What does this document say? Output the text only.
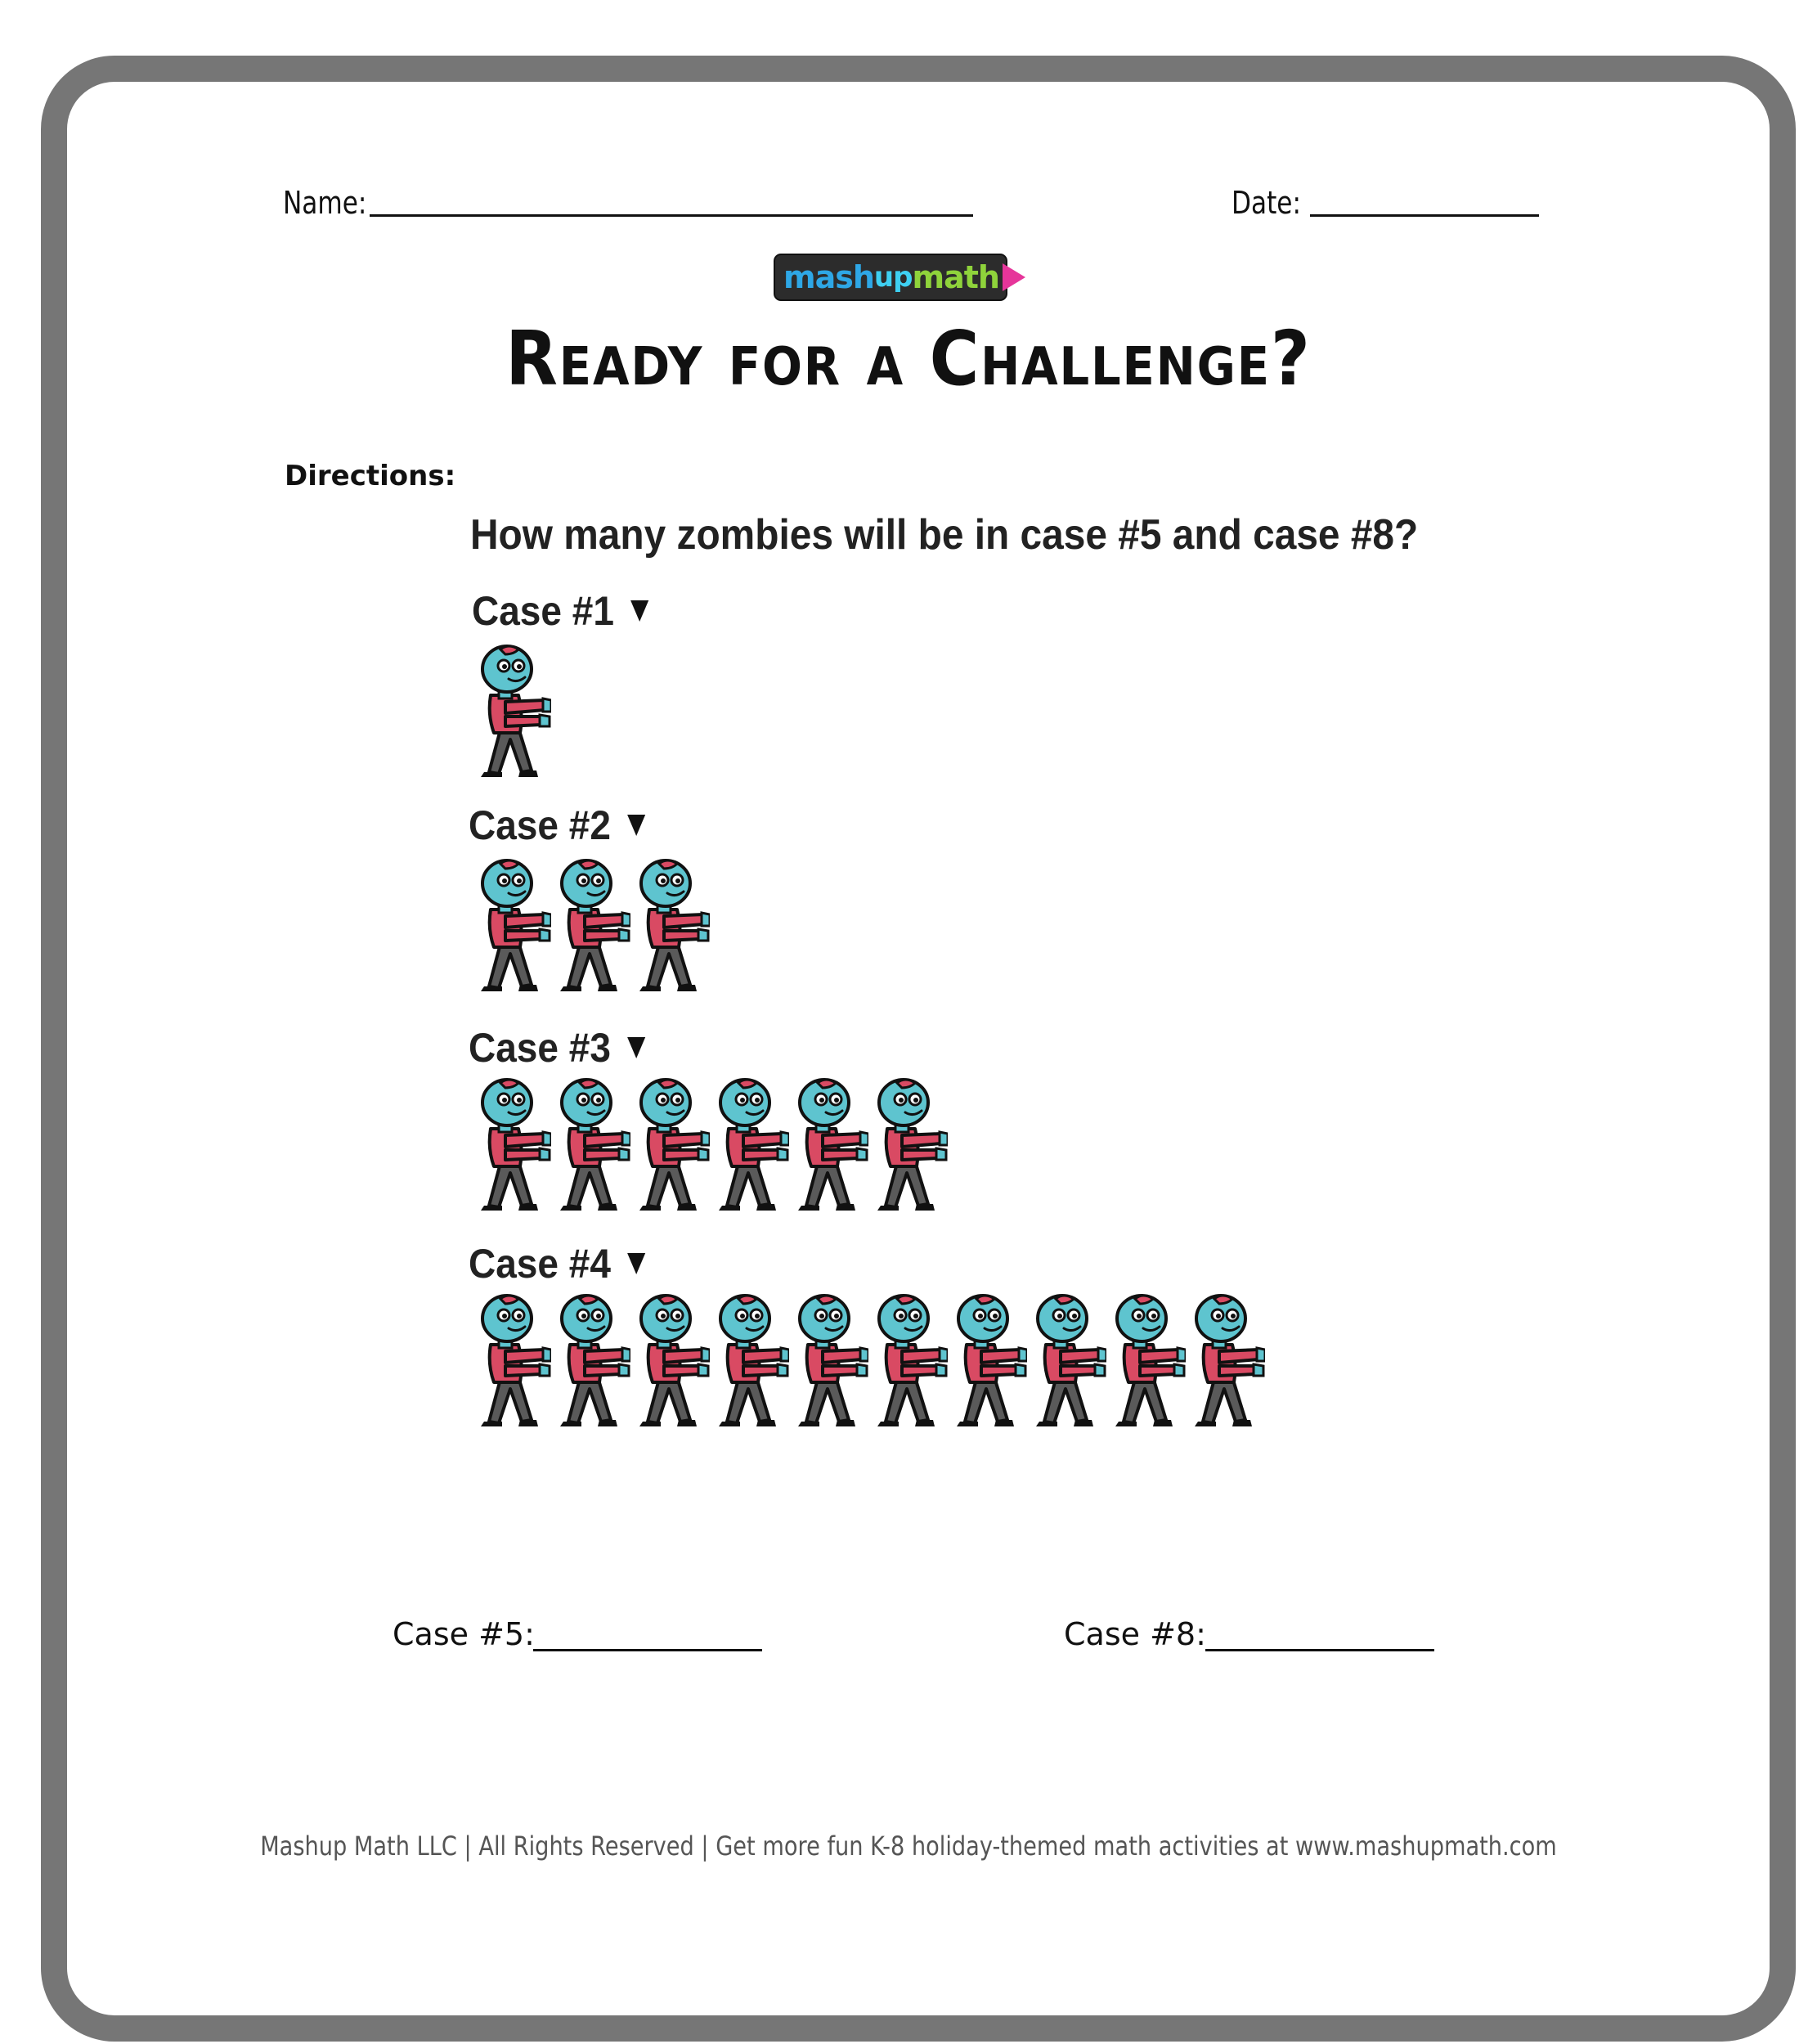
Name:	Date:
mash up math
Ready for a Challenge?
Directions:
How many zombies will be in case #5 and case #8?
Case #1
Case #2
Case #3
Case #4
Case #5:	Case #8:
Mashup Math LLC | All Rights Reserved | Get more fun K-8 holiday-themed math activities at www.mashupmath.com
